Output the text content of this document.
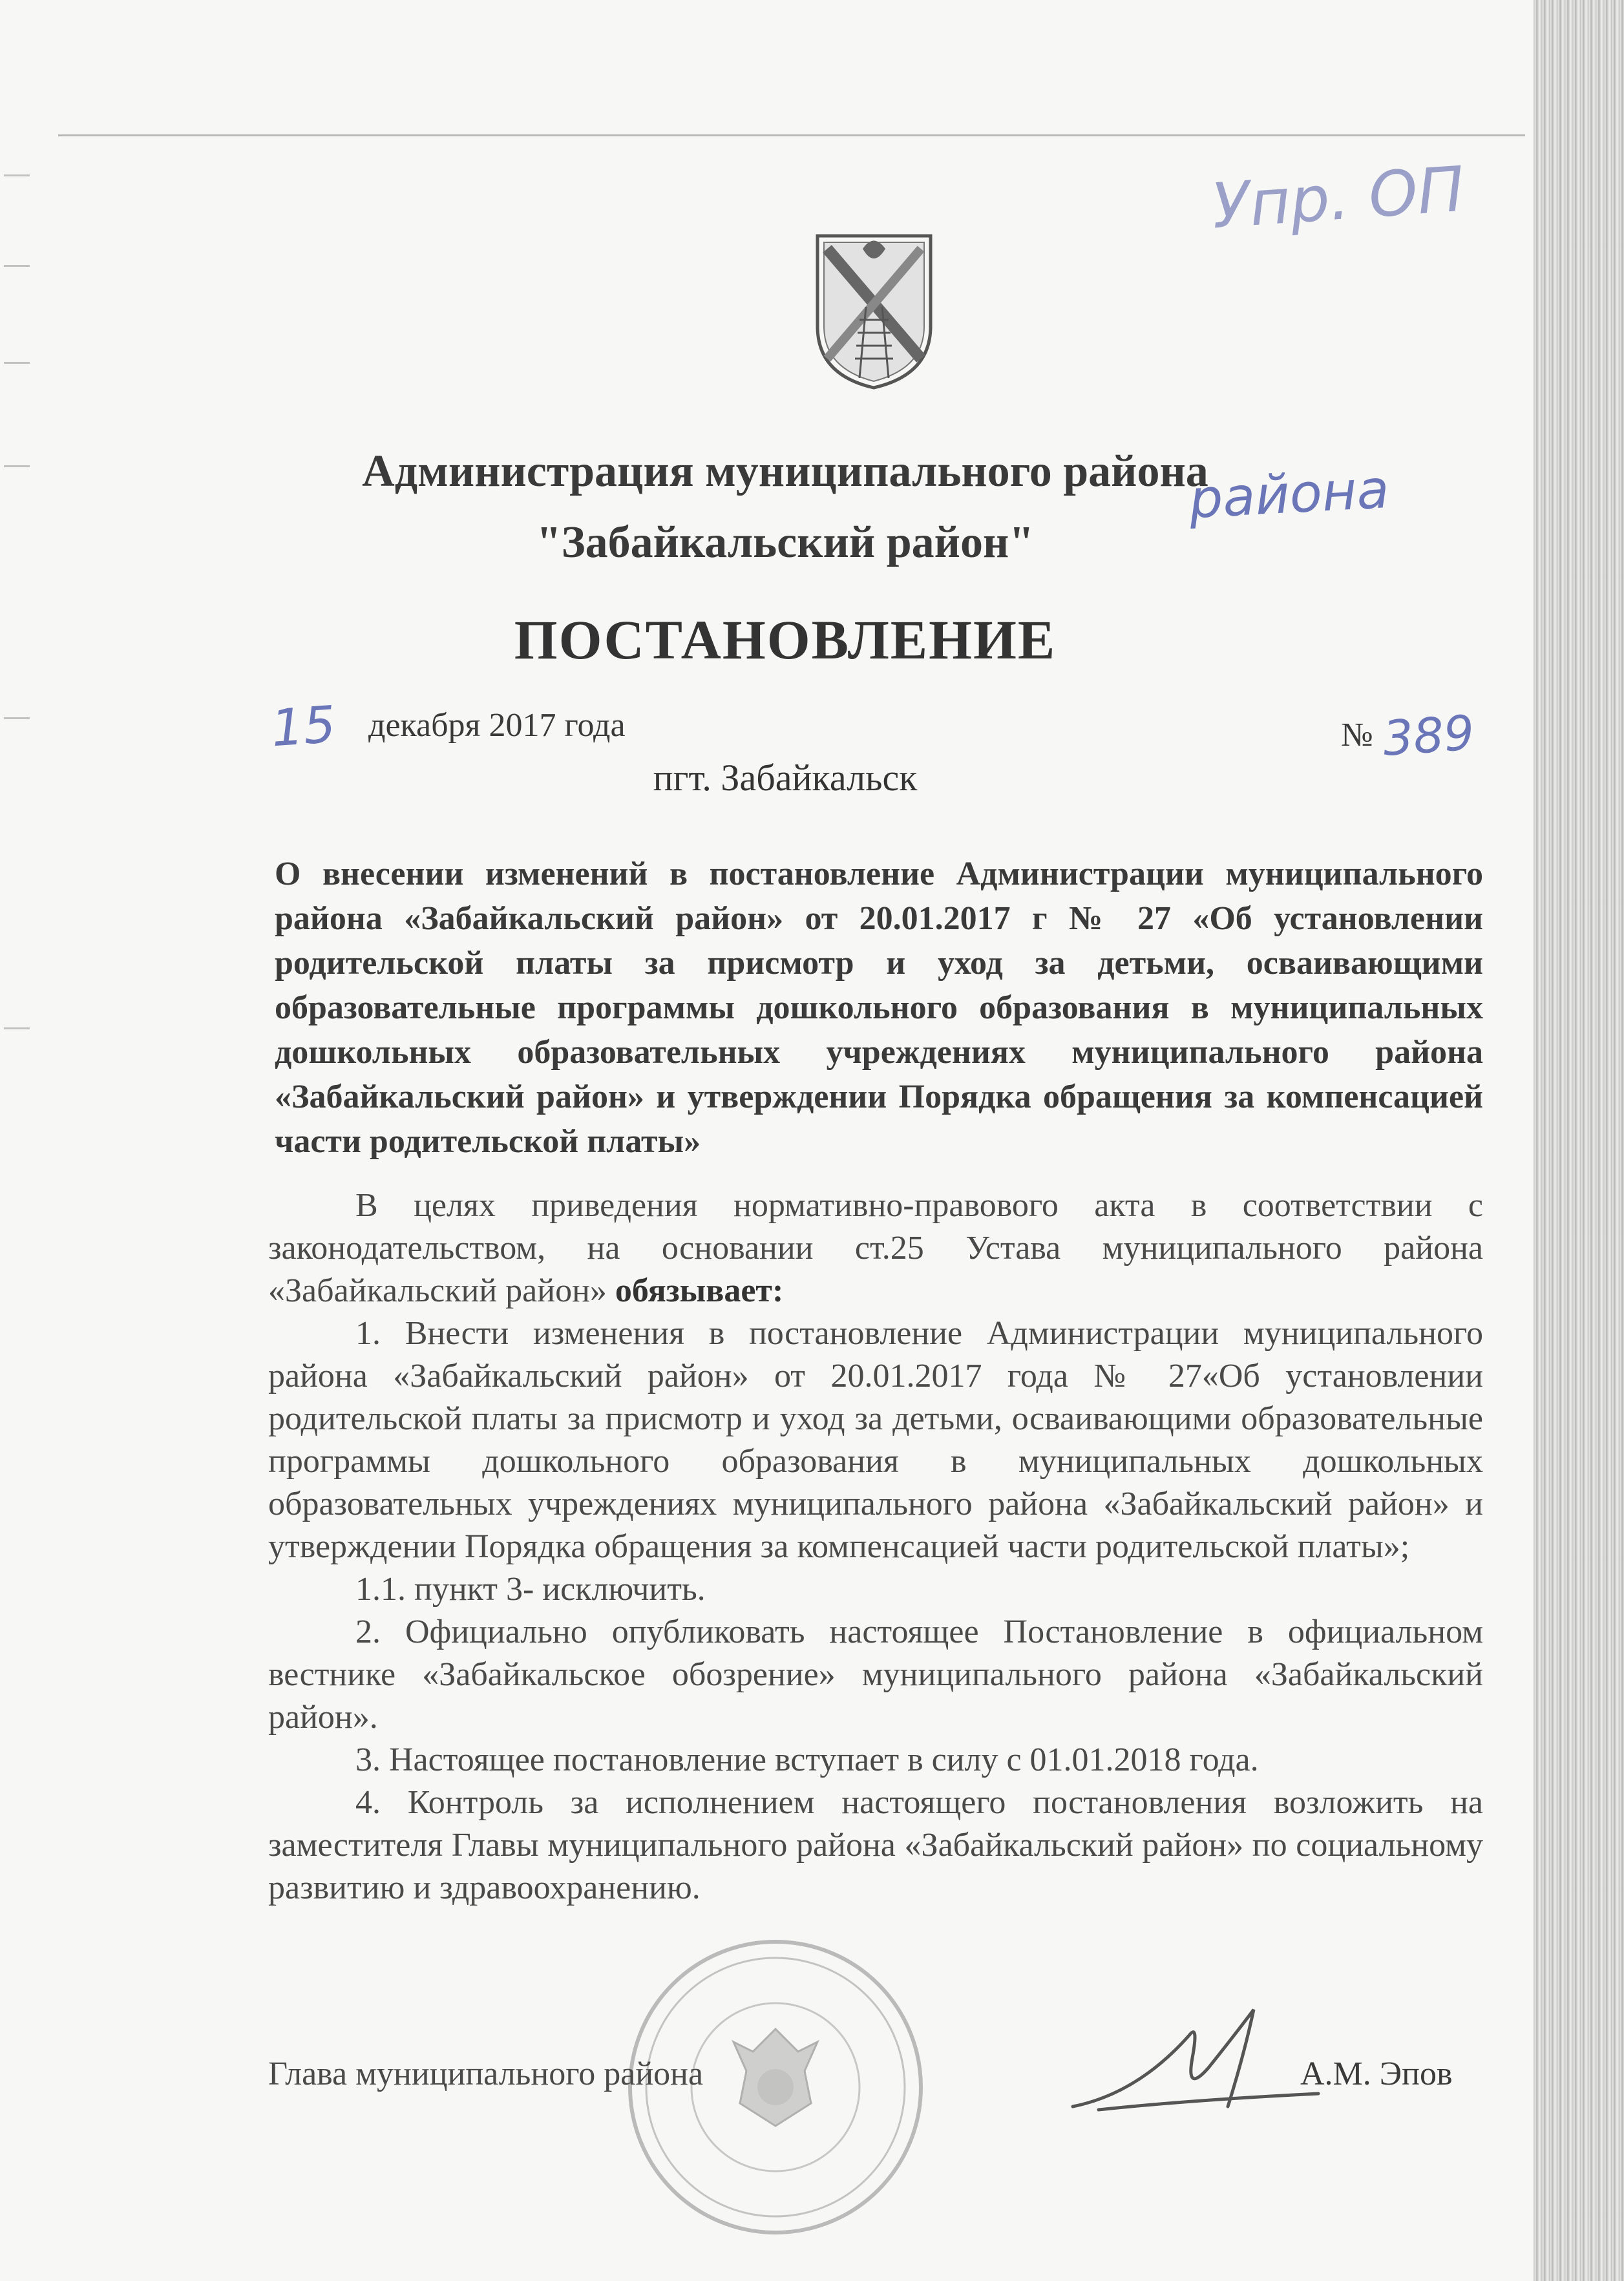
Упр. ОП
Администрация муниципального района
"Забайкальский район"
района
ПОСТАНОВЛЕНИЕ
15 декабря 2017 года	№ 389
пгт. Забайкальск
О внесении изменений в постановление Администрации муниципального района «Забайкальский район» от 20.01.2017 г № 27 «Об установлении родительской платы за присмотр и уход за детьми, осваивающими образовательные программы дошкольного образования в муниципальных дошкольных образовательных учреждениях муниципального района «Забайкальский район» и утверждении Порядка обращения за компенсацией части родительской платы»

В целях приведения нормативно-правового акта в соответствии с законодательством, на основании ст.25 Устава муниципального района «Забайкальский район» обязывает:

1. Внести изменения в постановление Администрации муниципального района «Забайкальский район» от 20.01.2017 года № 27«Об установлении родительской платы за присмотр и уход за детьми, осваивающими образовательные программы дошкольного образования в муниципальных дошкольных образовательных учреждениях муниципального района «Забайкальский район» и утверждении Порядка обращения за компенсацией части родительской платы»;

1.1. пункт 3- исключить.

2. Официально опубликовать настоящее Постановление в официальном вестнике «Забайкальское обозрение» муниципального района «Забайкальский район».

3. Настоящее постановление вступает в силу с 01.01.2018 года.

4. Контроль за исполнением настоящего постановления возложить на заместителя Главы муниципального района «Забайкальский район» по социальному развитию и здравоохранению.

Глава муниципального района	А.М. Эпов
